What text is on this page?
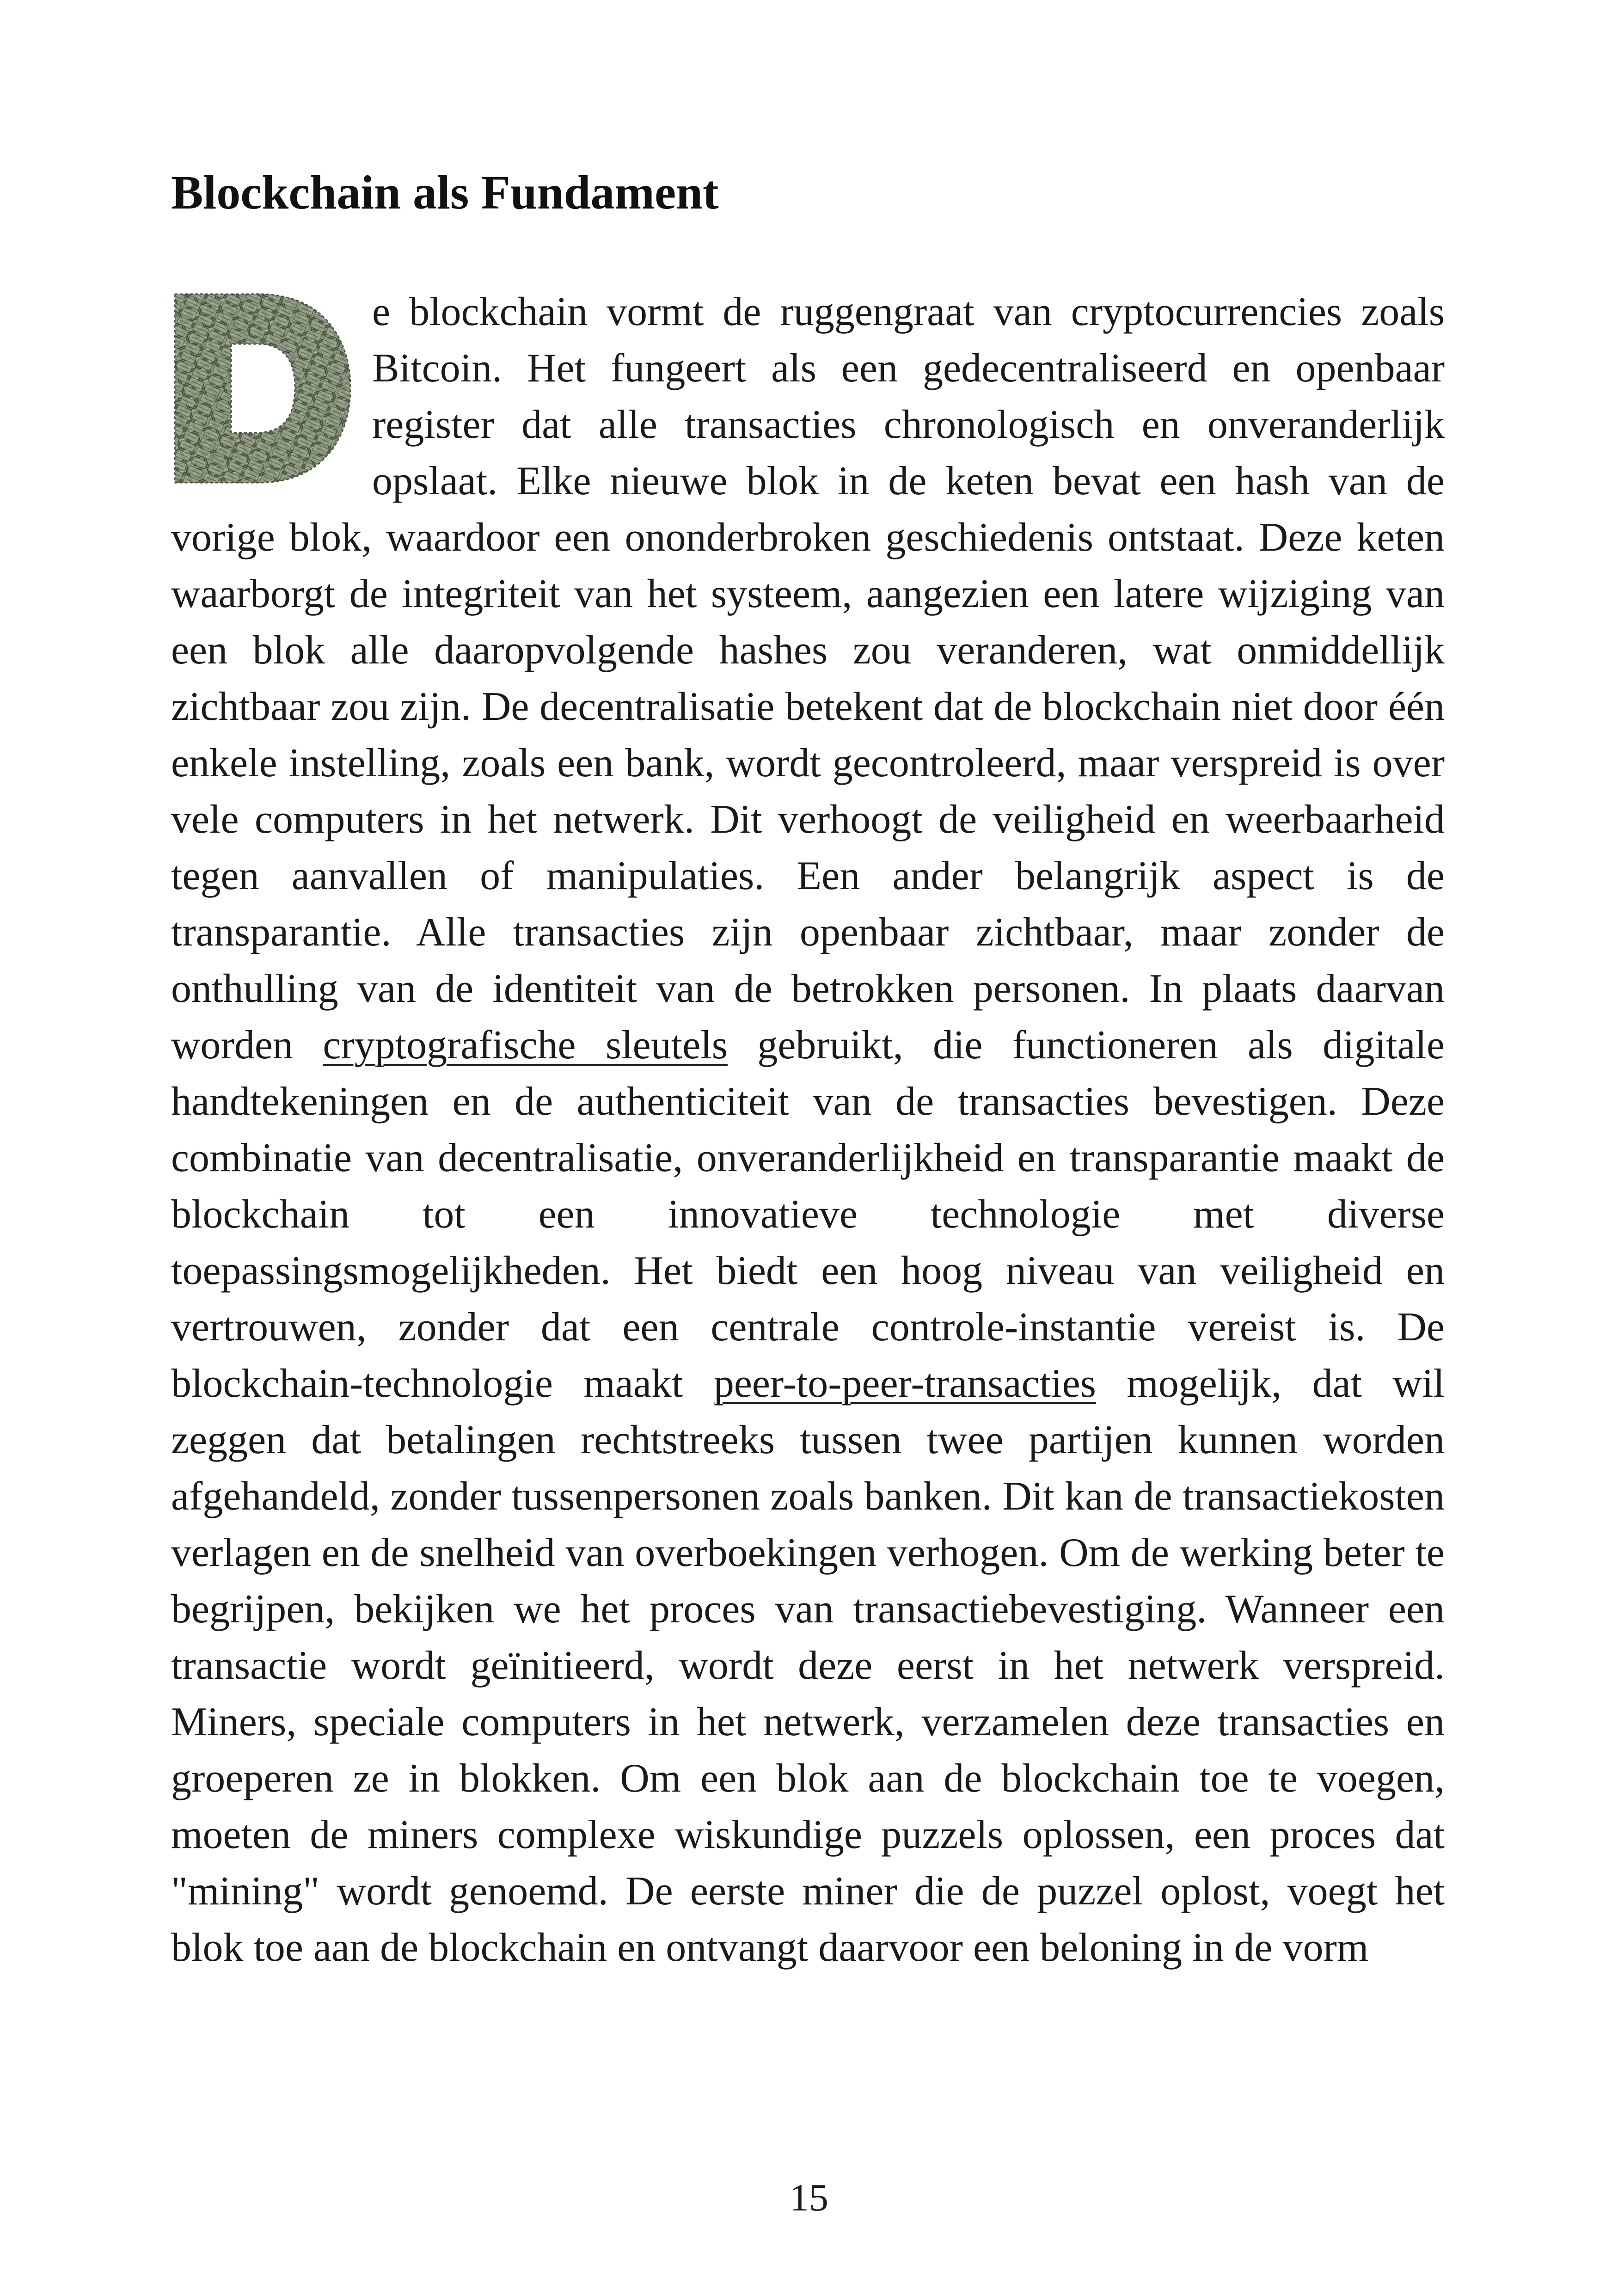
Blockchain als Fundament

e blockchain vormt de ruggengraat van cryptocurrencies zoals Bitcoin. Het fungeert als een gedecentraliseerd en openbaar register dat alle transacties chronologisch en onveranderlijk opslaat. Elke nieuwe blok in de keten bevat een hash van de vorige blok, waardoor een ononderbroken geschiedenis ontstaat. Deze keten waarborgt de integriteit van het systeem, aangezien een latere wijziging van een blok alle daaropvolgende hashes zou veranderen, wat onmiddellijk zichtbaar zou zijn. De decentralisatie betekent dat de blockchain niet door één enkele instelling, zoals een bank, wordt gecontroleerd, maar verspreid is over vele computers in het netwerk. Dit verhoogt de veiligheid en weerbaarheid tegen aanvallen of manipulaties. Een ander belangrijk aspect is de transparantie. Alle transacties zijn openbaar zichtbaar, maar zonder de onthulling van de identiteit van de betrokken personen. In plaats daarvan worden cryptografische sleutels gebruikt, die functioneren als digitale handtekeningen en de authenticiteit van de transacties bevestigen. Deze combinatie van decentralisatie, onveranderlijkheid en transparantie maakt de blockchain tot een innovatieve technologie met diverse toepassingsmogelijkheden. Het biedt een hoog niveau van veiligheid en vertrouwen, zonder dat een centrale controle-instantie vereist is. De blockchain-technologie maakt peer-to-peer-transacties mogelijk, dat wil zeggen dat betalingen rechtstreeks tussen twee partijen kunnen worden afgehandeld, zonder tussenpersonen zoals banken. Dit kan de transactiekosten verlagen en de snelheid van overboekingen verhogen. Om de werking beter te begrijpen, bekijken we het proces van transactiebevestiging. Wanneer een transactie wordt geïnitieerd, wordt deze eerst in het netwerk verspreid. Miners, speciale computers in het netwerk, verzamelen deze transacties en groeperen ze in blokken. Om een blok aan de blockchain toe te voegen, moeten de miners complexe wiskundige puzzels oplossen, een proces dat "mining" wordt genoemd. De eerste miner die de puzzel oplost, voegt het blok toe aan de blockchain en ontvangt daarvoor een beloning in de vorm

15
